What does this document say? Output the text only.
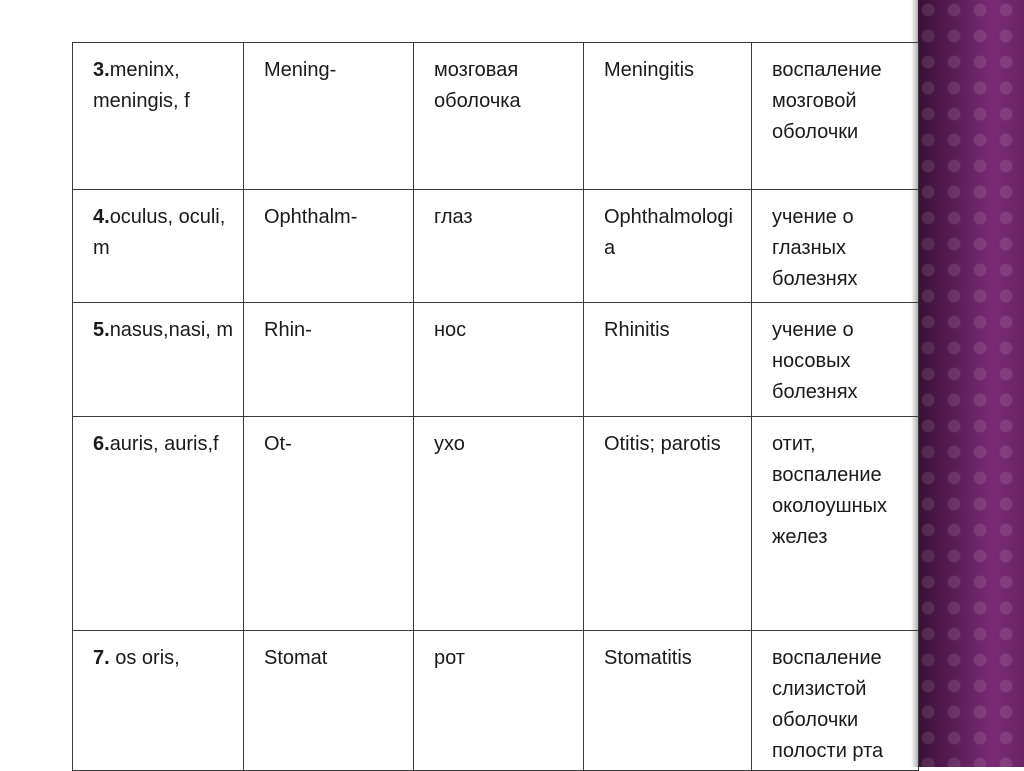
3.meninx, meningis, f	Mening-	мозговая оболочка	Meningitis	воспаление мозговой оболочки
4.oculus, oculi, m	Ophthalm-	глаз	Ophthalmologia	учение о глазных болезнях
5.nasus,nasi, m	Rhin-	нос	Rhinitis	учение о носовых болезнях
6.auris, auris,f	Ot-	ухо	Otitis; parotis	отит, воспаление околоушных желез
7. os oris,	Stomat	рот	Stomatitis	воспаление слизистой оболочки полости рта
